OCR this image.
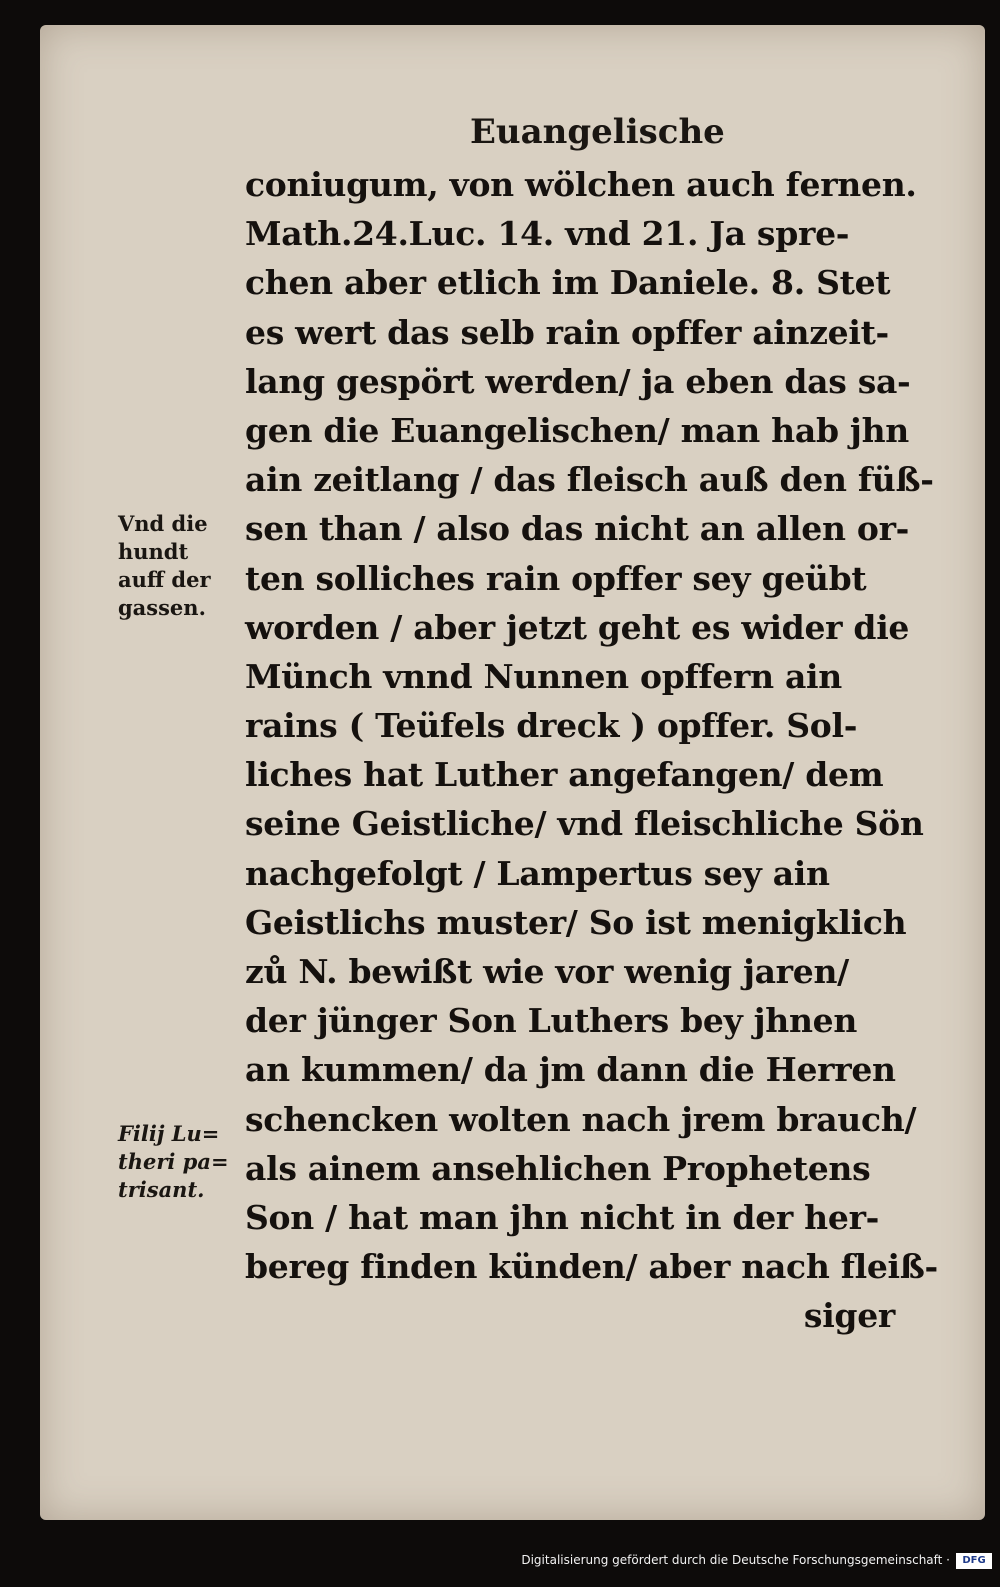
Euangelische
coniugum, von wölchen auch fernen.
Math.24.Luc. 14. vnd 21. Ja spre-
chen aber etlich im Daniele. 8. Stet
es wert das selb rain opffer ainzeit-
lang gespört werden/ ja eben das sa-
gen die Euangelischen/ man hab jhn
ain zeitlang / das fleisch auß den füß-
sen than / also das nicht an allen or-
ten solliches rain opffer sey geübt
worden / aber jetzt geht es wider die
Münch vnnd Nunnen opffern ain
rains ( Teüfels dreck ) opffer. Sol-
liches hat Luther angefangen/ dem
seine Geistliche/ vnd fleischliche Sön
nachgefolgt / Lampertus sey ain
Geistlichs muster/ So ist menigklich
zů N. bewißt wie vor wenig jaren/
der jünger Son Luthers bey jhnen
an kummen/ da jm dann die Herren
schencken wolten nach jrem brauch/
als ainem ansehlichen Prophetens
Son / hat man jhn nicht in der her-
bereg finden künden/ aber nach fleiß-
siger
Vnd die
hundt
auff der
gassen.
Filij Lu=
theri pa=
trisant.
Digitalisierung gefördert durch die Deutsche Forschungsgemeinschaft ·	DFG
